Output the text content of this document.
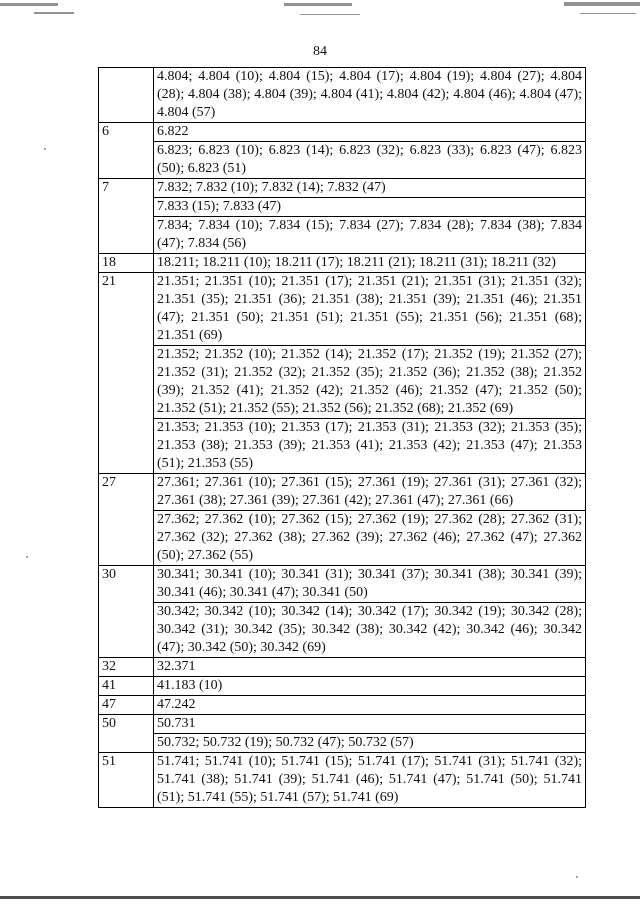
84
	4.804; 4.804 (10); 4.804 (15); 4.804 (17); 4.804 (19); 4.804 (27); 4.804 (28); 4.804 (38); 4.804 (39); 4.804 (41); 4.804 (42); 4.804 (46); 4.804 (47); 4.804 (57)
6	6.822
	6.823; 6.823 (10); 6.823 (14); 6.823 (32); 6.823 (33); 6.823 (47); 6.823 (50); 6.823 (51)
7	7.832; 7.832 (10); 7.832 (14); 7.832 (47)
	7.833 (15); 7.833 (47)
	7.834; 7.834 (10); 7.834 (15); 7.834 (27); 7.834 (28); 7.834 (38); 7.834 (47); 7.834 (56)
18	18.211; 18.211 (10); 18.211 (17); 18.211 (21); 18.211 (31); 18.211 (32)
21	21.351; 21.351 (10); 21.351 (17); 21.351 (21); 21.351 (31); 21.351 (32); 21.351 (35); 21.351 (36); 21.351 (38); 21.351 (39); 21.351 (46); 21.351 (47); 21.351 (50); 21.351 (51); 21.351 (55); 21.351 (56); 21.351 (68); 21.351 (69)
	21.352; 21.352 (10); 21.352 (14); 21.352 (17); 21.352 (19); 21.352 (27); 21.352 (31); 21.352 (32); 21.352 (35); 21.352 (36); 21.352 (38); 21.352 (39); 21.352 (41); 21.352 (42); 21.352 (46); 21.352 (47); 21.352 (50); 21.352 (51); 21.352 (55); 21.352 (56); 21.352 (68); 21.352 (69)
	21.353; 21.353 (10); 21.353 (17); 21.353 (31); 21.353 (32); 21.353 (35); 21.353 (38); 21.353 (39); 21.353 (41); 21.353 (42); 21.353 (47); 21.353 (51); 21.353 (55)
27	27.361; 27.361 (10); 27.361 (15); 27.361 (19); 27.361 (31); 27.361 (32); 27.361 (38); 27.361 (39); 27.361 (42); 27.361 (47); 27.361 (66)
	27.362; 27.362 (10); 27.362 (15); 27.362 (19); 27.362 (28); 27.362 (31); 27.362 (32); 27.362 (38); 27.362 (39); 27.362 (46); 27.362 (47); 27.362 (50); 27.362 (55)
30	30.341; 30.341 (10); 30.341 (31); 30.341 (37); 30.341 (38); 30.341 (39); 30.341 (46); 30.341 (47); 30.341 (50)
	30.342; 30.342 (10); 30.342 (14); 30.342 (17); 30.342 (19); 30.342 (28); 30.342 (31); 30.342 (35); 30.342 (38); 30.342 (42); 30.342 (46); 30.342 (47); 30.342 (50); 30.342 (69)
32	32.371
41	41.183 (10)
47	47.242
50	50.731
	50.732; 50.732 (19); 50.732 (47); 50.732 (57)
51	51.741; 51.741 (10); 51.741 (15); 51.741 (17); 51.741 (31); 51.741 (32); 51.741 (38); 51.741 (39); 51.741 (46); 51.741 (47); 51.741 (50); 51.741 (51); 51.741 (55); 51.741 (57); 51.741 (69)
